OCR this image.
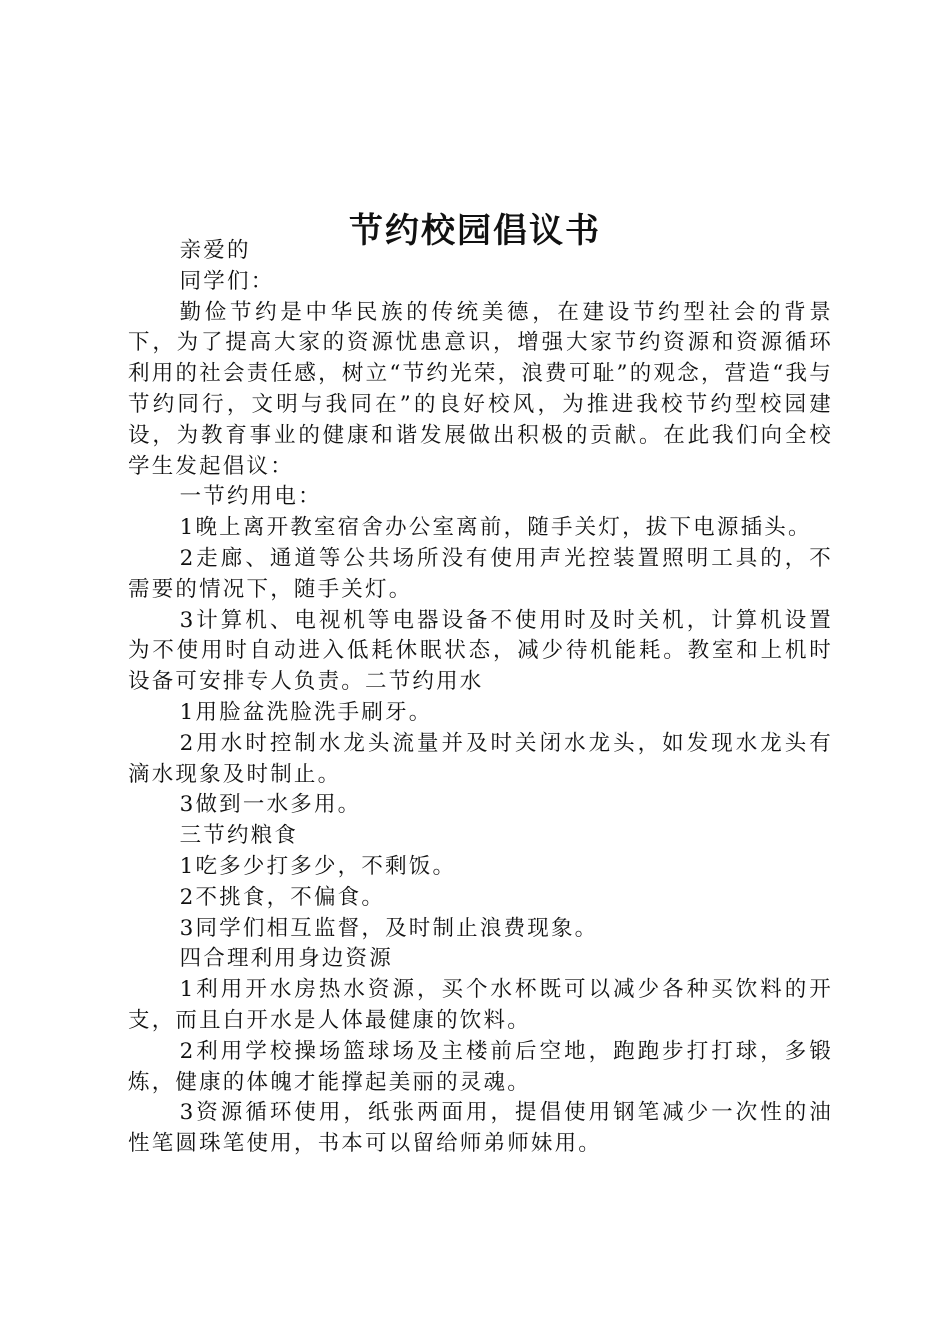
节约校园倡议书

亲爱的

同学们：

勤俭节约是中华民族的传统美德，在建设节约型社会的背景下，为了提高大家的资源忧患意识，增强大家节约资源和资源循环利用的社会责任感，树立“节约光荣，浪费可耻”的观念，营造“我与节约同行，文明与我同在”的良好校风，为推进我校节约型校园建设，为教育事业的健康和谐发展做出积极的贡献。在此我们向全校学生发起倡议：

一节约用电：

1晚上离开教室宿舍办公室离前，随手关灯，拔下电源插头。

2走廊、通道等公共场所没有使用声光控装置照明工具的，不需要的情况下，随手关灯。

3计算机、电视机等电器设备不使用时及时关机，计算机设置为不使用时自动进入低耗休眠状态，减少待机能耗。教室和上机时设备可安排专人负责。二节约用水

1用脸盆洗脸洗手刷牙。

2用水时控制水龙头流量并及时关闭水龙头，如发现水龙头有滴水现象及时制止。

3做到一水多用。

三节约粮食

1吃多少打多少，不剩饭。

2不挑食，不偏食。

3同学们相互监督，及时制止浪费现象。

四合理利用身边资源

1利用开水房热水资源，买个水杯既可以减少各种买饮料的开支，而且白开水是人体最健康的饮料。

2利用学校操场篮球场及主楼前后空地，跑跑步打打球，多锻炼，健康的体魄才能撑起美丽的灵魂。

3资源循环使用，纸张两面用，提倡使用钢笔减少一次性的油性笔圆珠笔使用，书本可以留给师弟师妹用。
